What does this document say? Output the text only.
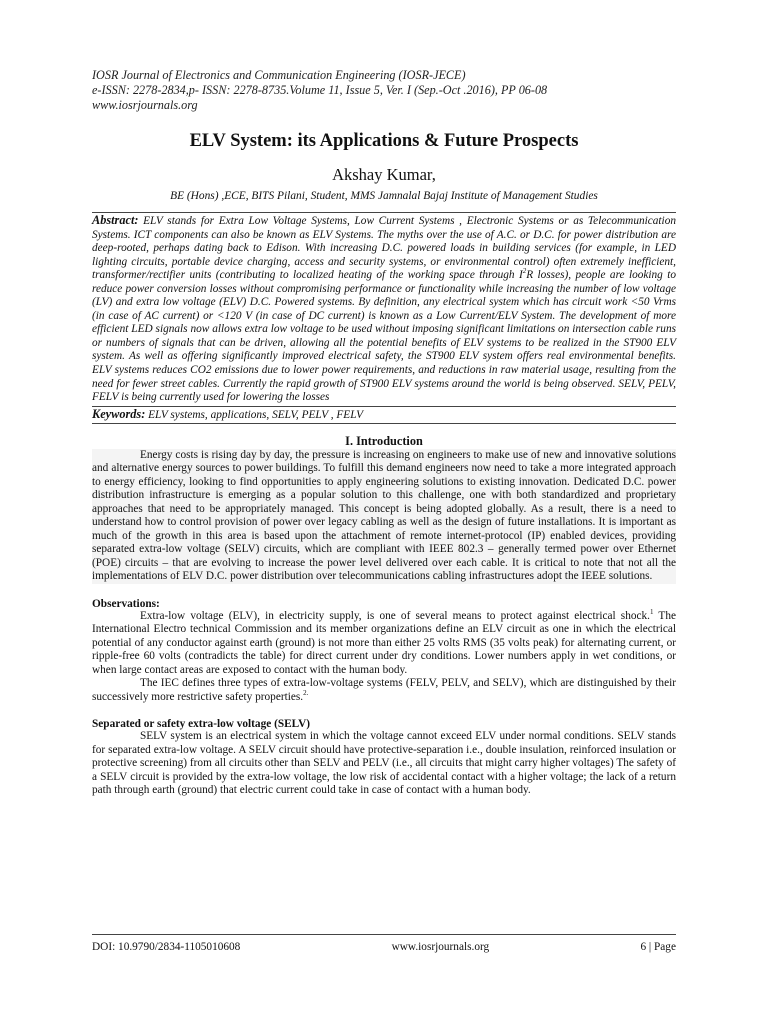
IOSR Journal of Electronics and Communication Engineering (IOSR-JECE)
e-ISSN: 2278-2834,p- ISSN: 2278-8735.Volume 11, Issue 5, Ver. I (Sep.-Oct .2016), PP 06-08
www.iosrjournals.org
ELV System: its Applications & Future Prospects
Akshay Kumar,
BE (Hons) ,ECE, BITS Pilani, Student, MMS Jamnalal Bajaj Institute of Management Studies
Abstract: ELV stands for Extra Low Voltage Systems, Low Current Systems , Electronic Systems or as Telecommunication Systems. ICT components can also be known as ELV Systems. The myths over the use of A.C. or D.C. for power distribution are deep-rooted, perhaps dating back to Edison. With increasing D.C. powered loads in building services (for example, in LED lighting circuits, portable device charging, access and security systems, or environmental control) often extremely inefficient, transformer/rectifier units (contributing to localized heating of the working space through $I^2R$ losses), people are looking to reduce power conversion losses without compromising performance or functionality while increasing the number of low voltage (LV) and extra low voltage (ELV) D.C. Powered systems. By definition, any electrical system which has circuit work <50 Vrms (in case of AC current) or <120 V (in case of DC current) is known as a Low Current/ELV System. The development of more efficient LED signals now allows extra low voltage to be used without imposing significant limitations on intersection cable runs or numbers of signals that can be driven, allowing all the potential benefits of ELV systems to be realized in the ST900 ELV system. As well as offering significantly improved electrical safety, the ST900 ELV system offers real environmental benefits. ELV systems reduces CO2 emissions due to lower power requirements, and reductions in raw material usage, resulting from the need for fewer street cables. Currently the rapid growth of ST900 ELV systems around the world is being observed. SELV, PELV, FELV is being currently used for lowering the losses
Keywords: ELV systems, applications, SELV, PELV , FELV
I. Introduction

Energy costs is rising day by day, the pressure is increasing on engineers to make use of new and innovative solutions and alternative energy sources to power buildings. To fulfill this demand engineers now need to take a more integrated approach to energy efficiency, looking to find opportunities to apply engineering solutions to existing innovation. Dedicated D.C. power distribution infrastructure is emerging as a popular solution to this challenge, one with both standardized and proprietary approaches that need to be appropriately managed. This concept is being adopted globally. As a result, there is a need to understand how to control provision of power over legacy cabling as well as the design of future installations. It is important as much of the growth in this area is based upon the attachment of remote internet-protocol (IP) enabled devices, providing separated extra-low voltage (SELV) circuits, which are compliant with IEEE 802.3 – generally termed power over Ethernet (POE) circuits – that are evolving to increase the power level delivered over each cable. It is critical to note that not all the implementations of ELV D.C. power distribution over telecommunications cabling infrastructures adopt the IEEE solutions.

Observations:

Extra-low voltage (ELV), in electricity supply, is one of several means to protect against electrical shock.$^1$ The International Electro technical Commission and its member organizations define an ELV circuit as one in which the electrical potential of any conductor against earth (ground) is not more than either 25 volts RMS (35 volts peak) for alternating current, or ripple-free 60 volts (contradicts the table) for direct current under dry conditions. Lower numbers apply in wet conditions, or when large contact areas are exposed to contact with the human body.

The IEC defines three types of extra-low-voltage systems (FELV, PELV, and SELV), which are distinguished by their successively more restrictive safety properties.$^{2.}$

Separated or safety extra-low voltage (SELV)

SELV system is an electrical system in which the voltage cannot exceed ELV under normal conditions. SELV stands for separated extra-low voltage. A SELV circuit should have protective-separation i.e., double insulation, reinforced insulation or protective screening) from all circuits other than SELV and PELV (i.e., all circuits that might carry higher voltages) The safety of a SELV circuit is provided by the extra-low voltage, the low risk of accidental contact with a higher voltage; the lack of a return path through earth (ground) that electric current could take in case of contact with a human body.

DOI: 10.9790/2834-1105010608	www.iosrjournals.org	6 | Page
